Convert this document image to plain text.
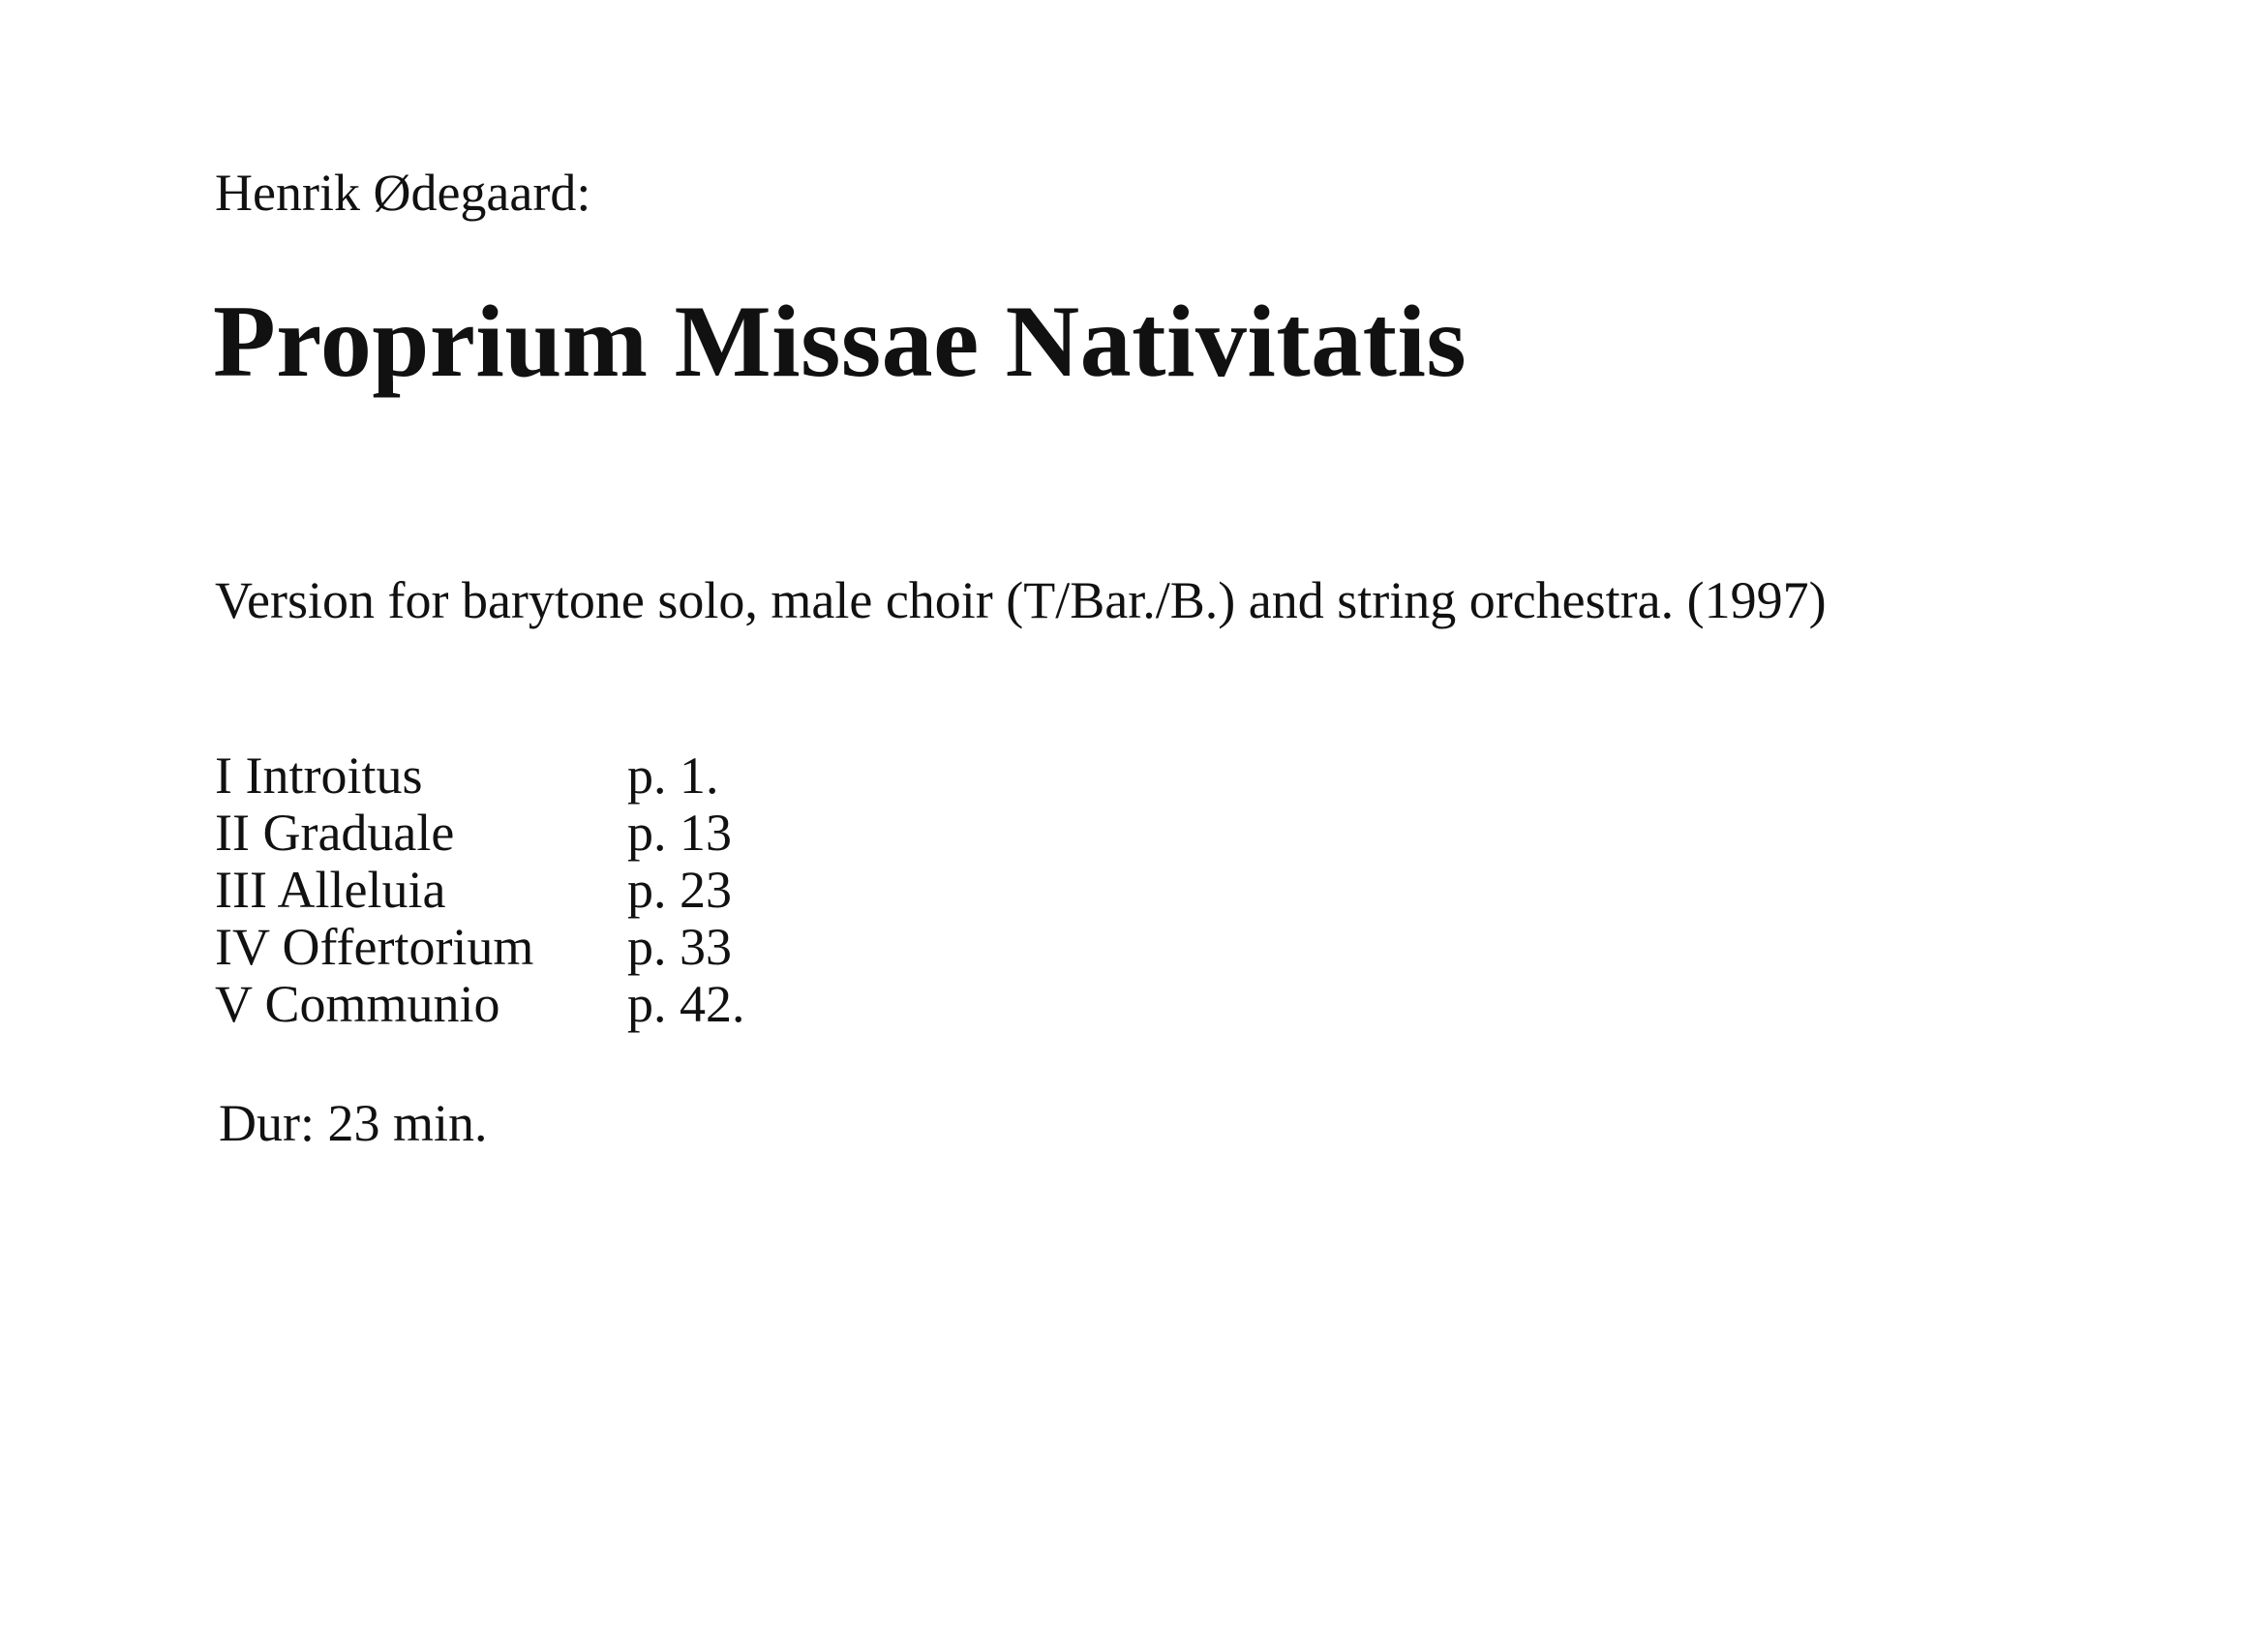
Henrik Ødegaard:
Proprium Missae Nativitatis
Version for barytone solo, male choir (T/Bar./B.) and string orchestra. (1997)
I Introitus	p. 1.
II Graduale	p. 13
III Alleluia	p. 23
IV Offertorium	p. 33
V Communio	p. 42.
Dur: 23 min.
